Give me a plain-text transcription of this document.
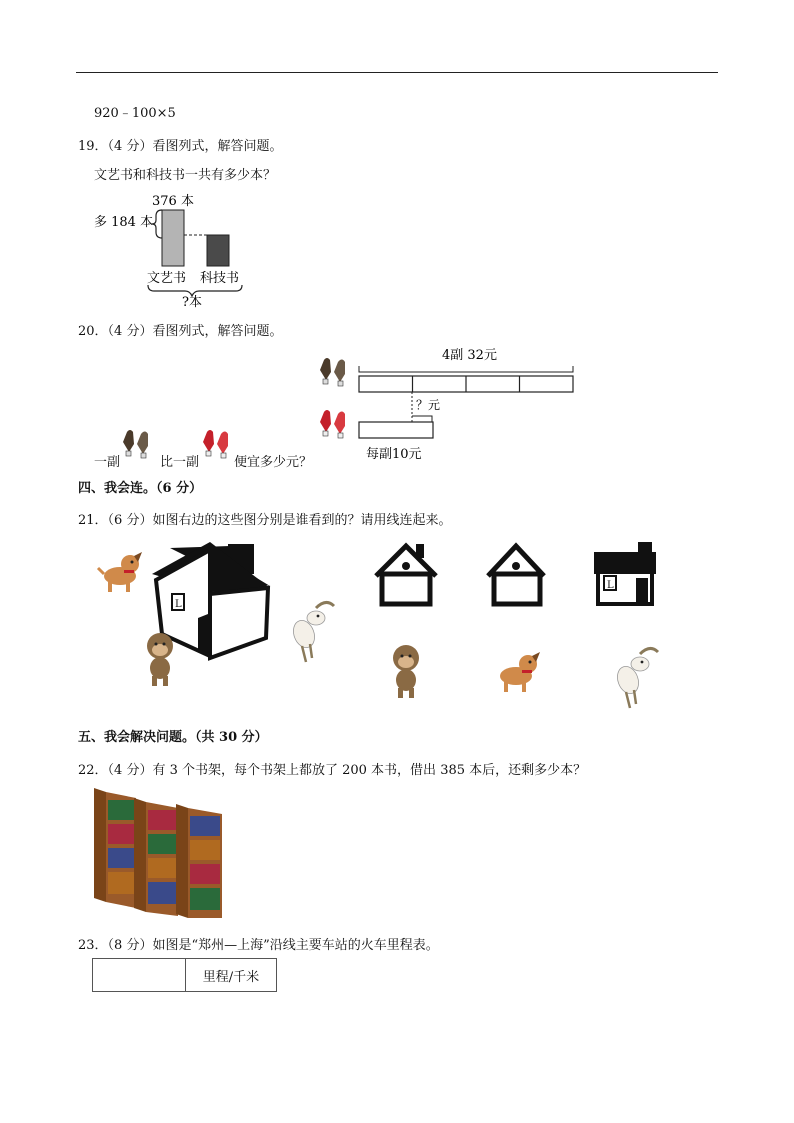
920﹣100×5
19．（4 分）看图列式，解答问题。
文艺书和科技书一共有多少本？
376 本
多 184 本
文艺书 科技书
?本
20．（4 分）看图列式，解答问题。
4副 32元
？元
每副10元
一副	比一副	便宜多少元？
四、我会连。（6 分）
21．（6 分）如图右边的这些图分别是谁看到的？请用线连起来。
L
L
五、我会解决问题。（共 30 分）
22．（4 分）有 3 个书架，每个书架上都放了 200 本书，借出 385 本后，还剩多少本？
23．（8 分）如图是“郑州—上海”沿线主要车站的火车里程表。
	里程/千米
